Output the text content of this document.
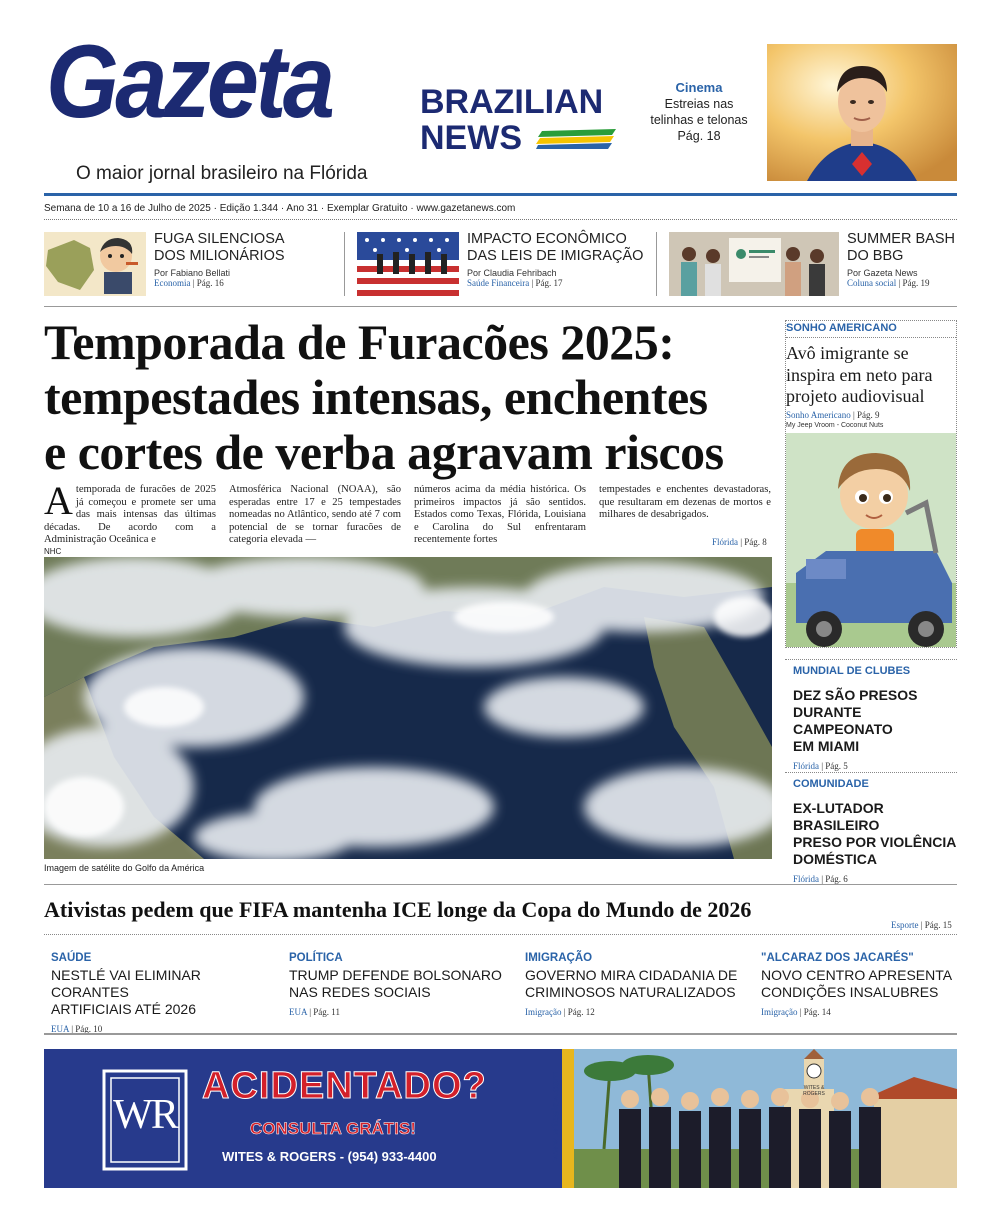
Gazeta	BRAZILIAN
NEWS
O maior jornal brasileiro na Flórida
Cinema
Estreias nas
telinhas e telonas
Pág. 18
Semana de 10 a 16 de Julho de 2025 · Edição 1.344 · Ano 31 · Exemplar Gratuito · www.gazetanews.com
FUGA SILENCIOSA
DOS MILIONÁRIOS
Por Fabiano Bellati
Economia | Pág. 16
IMPACTO ECONÔMICO
DAS LEIS DE IMIGRAÇÃO
Por Claudia Fehribach
Saúde Financeira | Pág. 17
SUMMER BASH
DO BBG
Por Gazeta News
Coluna social | Pág. 19
Temporada de Furacões 2025:
tempestades intensas, enchentes
e cortes de verba agravam riscos
Atemporada de furacões de 2025 já começou e promete ser uma das mais intensas das últimas décadas. De acordo com a Administração Oceânica e
NHC
Atmosférica Nacional (NOAA), são esperadas entre 17 e 25 tempestades nomeadas no Atlântico, sendo até 7 com potencial de se tornar furacões de categoria elevada —
números acima da média histórica. Os primeiros impactos já são sentidos. Estados como Texas, Flórida, Louisiana e Carolina do Sul enfrentaram recentemente fortes
tempestades e enchentes devastadoras, que resultaram em dezenas de mortos e milhares de desabrigados.
Flórida | Pág. 8
Imagem de satélite do Golfo da América
SONHO AMERICANO
Avô imigrante se
inspira em neto para
projeto audiovisual
Sonho Americano | Pág. 9
My Jeep Vroom - Coconut Nuts
MUNDIAL DE CLUBES
DEZ SÃO PRESOS
DURANTE CAMPEONATO
EM MIAMI
Flórida | Pág. 5
COMUNIDADE
EX-LUTADOR BRASILEIRO
PRESO POR VIOLÊNCIA
DOMÉSTICA
Flórida | Pág. 6
Ativistas pedem que FIFA mantenha ICE longe da Copa do Mundo de 2026
Esporte | Pág. 15
SAÚDE
NESTLÉ VAI ELIMINAR CORANTES
ARTIFICIAIS ATÉ 2026
EUA | Pág. 10
POLÍTICA
TRUMP DEFENDE BOLSONARO
NAS REDES SOCIAIS
EUA | Pág. 11
IMIGRAÇÃO
GOVERNO MIRA CIDADANIA DE
CRIMINOSOS NATURALIZADOS
Imigração | Pág. 12
"ALCARAZ DOS JACARÉS"
NOVO CENTRO APRESENTA
CONDIÇÕES INSALUBRES
Imigração | Pág. 14
WR
ACIDENTADO?
CONSULTA GRÁTIS!
WITES & ROGERS - (954) 933-4400	www.witeslaw.com	WITES & ROGERS
